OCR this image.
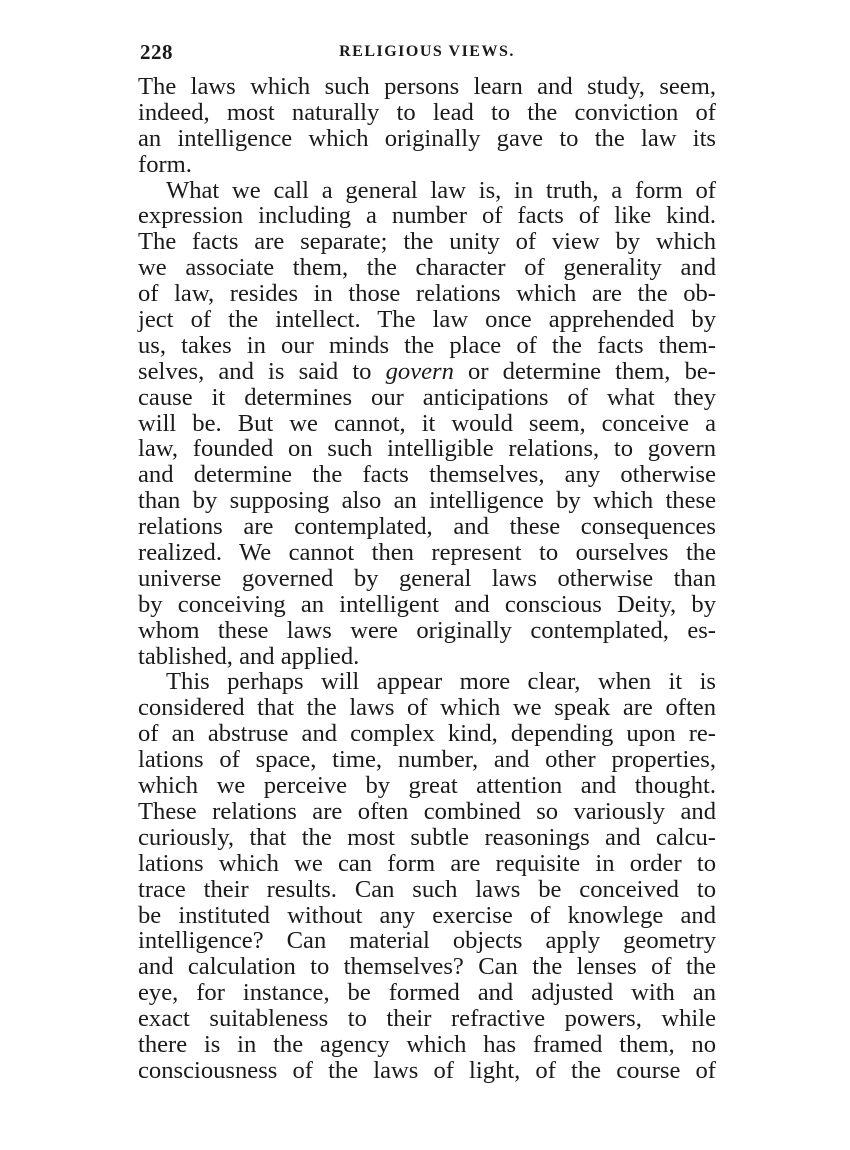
228	RELIGIOUS VIEWS.
The laws which such persons learn and study, seem,
indeed, most naturally to lead to the conviction of
an intelligence which originally gave to the law its
form.
What we call a general law is, in truth, a form of
expression including a number of facts of like kind.
The facts are separate; the unity of view by which
we associate them, the character of generality and
of law, resides in those relations which are the ob-
ject of the intellect. The law once apprehended by
us, takes in our minds the place of the facts them-
selves, and is said to govern or determine them, be-
cause it determines our anticipations of what they
will be. But we cannot, it would seem, conceive a
law, founded on such intelligible relations, to govern
and determine the facts themselves, any otherwise
than by supposing also an intelligence by which these
relations are contemplated, and these consequences
realized. We cannot then represent to ourselves the
universe governed by general laws otherwise than
by conceiving an intelligent and conscious Deity, by
whom these laws were originally contemplated, es-
tablished, and applied.
This perhaps will appear more clear, when it is
considered that the laws of which we speak are often
of an abstruse and complex kind, depending upon re-
lations of space, time, number, and other properties,
which we perceive by great attention and thought.
These relations are often combined so variously and
curiously, that the most subtle reasonings and calcu-
lations which we can form are requisite in order to
trace their results. Can such laws be conceived to
be instituted without any exercise of knowlege and
intelligence? Can material objects apply geometry
and calculation to themselves? Can the lenses of the
eye, for instance, be formed and adjusted with an
exact suitableness to their refractive powers, while
there is in the agency which has framed them, no
consciousness of the laws of light, of the course of
